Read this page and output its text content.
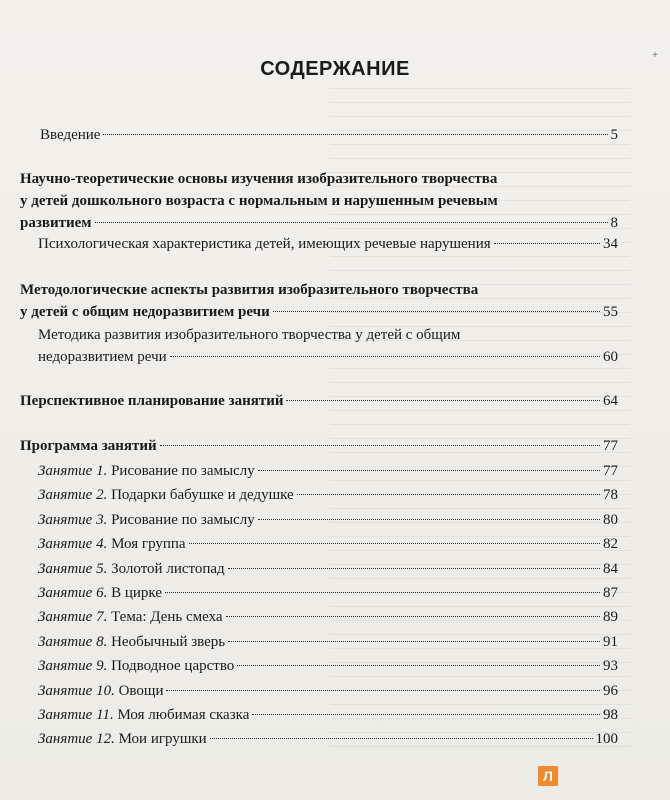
+
СОДЕРЖАНИЕ
Введение	5
Научно-теоретические основы изучения изобразительного творчества
у детей дошкольного возраста с нормальным и нарушенным речевым
развитием	8
Психологическая характеристика детей, имеющих речевые нарушения	34
Методологические аспекты развития изобразительного творчества
у детей с общим недоразвитием речи	55
Методика развития изобразительного творчества у детей с общим
недоразвитием речи	60
Перспективное планирование занятий	64
Программа занятий	77
Занятие 1. Рисование по замыслу	77
Занятие 2. Подарки бабушке и дедушке	78
Занятие 3. Рисование по замыслу	80
Занятие 4. Моя группа	82
Занятие 5. Золотой листопад	84
Занятие 6. В цирке	87
Занятие 7. Тема: День смеха	89
Занятие 8. Необычный зверь	91
Занятие 9. Подводное царство	93
Занятие 10. Овощи	96
Занятие 11. Моя любимая сказка	98
Занятие 12. Мои игрушки	100
Л
